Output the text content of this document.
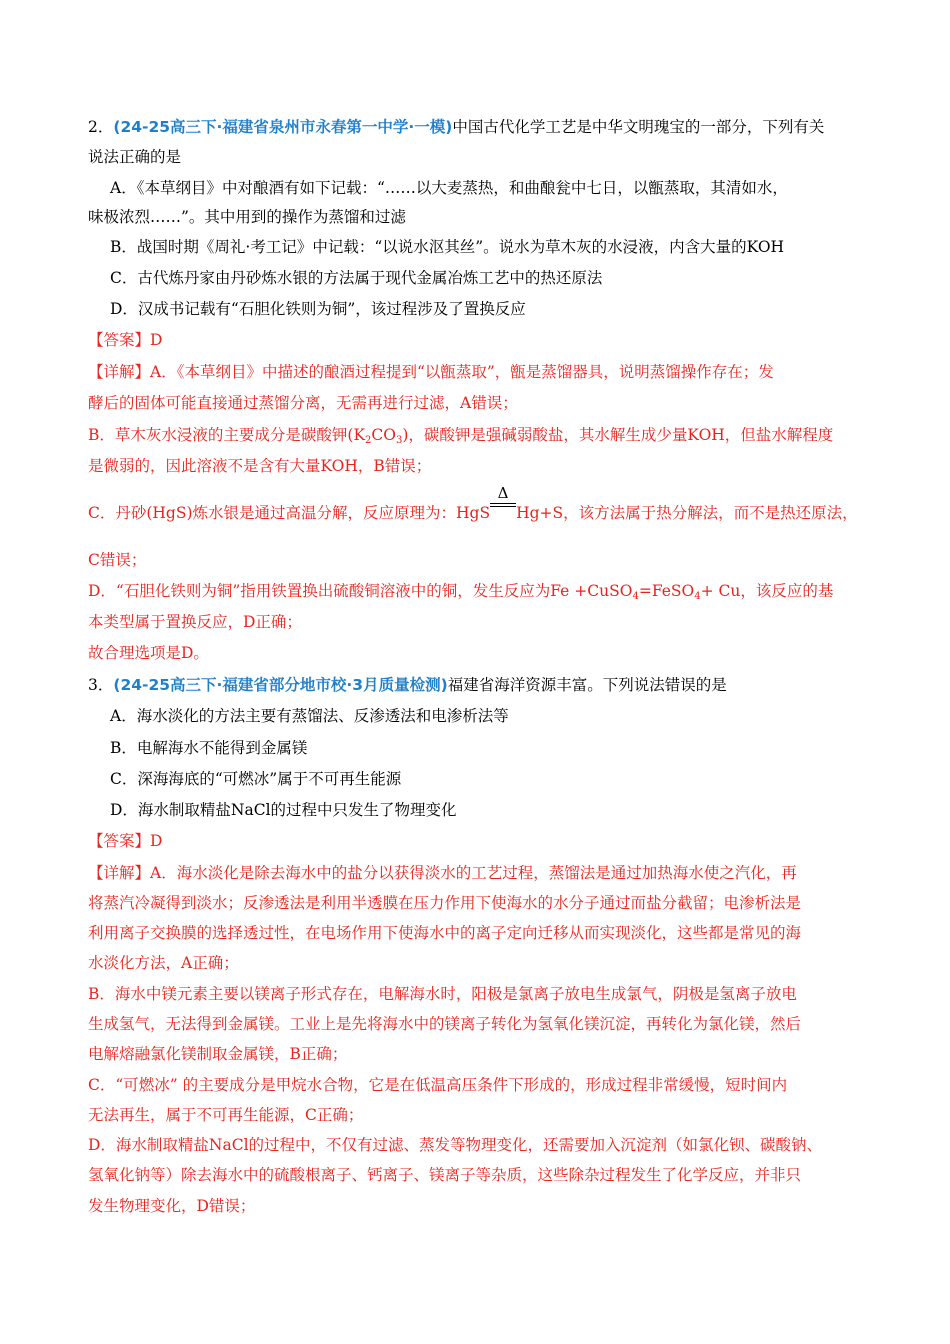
2．(24-25高三下·福建省泉州市永春第一中学·一模)中国古代化学工艺是中华文明瑰宝的一部分，下列有关
说法正确的是
A．《本草纲目》中对酿酒有如下记载：“……以大麦蒸热，和曲酿瓮中七日，以甑蒸取，其清如水，
味极浓烈……”。其中用到的操作为蒸馏和过滤
B．战国时期《周礼·考工记》中记载：“以说水沤其丝”。说水为草木灰的水浸液，内含大量的KOH
C．古代炼丹家由丹砂炼水银的方法属于现代金属冶炼工艺中的热还原法
D．汉成书记载有“石胆化铁则为铜”，该过程涉及了置换反应
【答案】D
【详解】A．《本草纲目》中描述的酿酒过程提到“以甑蒸取”，甑是蒸馏器具，说明蒸馏操作存在；发
酵后的固体可能直接通过蒸馏分离，无需再进行过滤，A错误；
B．草木灰水浸液的主要成分是碳酸钾$(K_2CO_3)$，碳酸钾是强碱弱酸盐，其水解生成少量KOH，但盐水解程度
是微弱的，因此溶液不是含有大量KOH，B错误；
C．丹砂(HgS)炼水银是通过高温分解，反应原理为：HgS
Δ
Hg+S，该方法属于热分解法，而不是热还原法，
C错误；
D．“石胆化铁则为铜”指用铁置换出硫酸铜溶液中的铜，发生反应为Fe +CuSO$_4$=FeSO$_4$+ Cu，该反应的基
本类型属于置换反应，D正确；
故合理选项是D。
3．(24-25高三下·福建省部分地市校·3月质量检测)福建省海洋资源丰富。下列说法错误的是
A．海水淡化的方法主要有蒸馏法、反渗透法和电渗析法等
B．电解海水不能得到金属镁
C．深海海底的“可燃冰”属于不可再生能源
D．海水制取精盐NaCl的过程中只发生了物理变化
【答案】D
【详解】A．海水淡化是除去海水中的盐分以获得淡水的工艺过程，蒸馏法是通过加热海水使之汽化，再
将蒸汽冷凝得到淡水；反渗透法是利用半透膜在压力作用下使海水的水分子通过而盐分截留；电渗析法是
利用离子交换膜的选择透过性，在电场作用下使海水中的离子定向迁移从而实现淡化，这些都是常见的海
水淡化方法，A正确；
B．海水中镁元素主要以镁离子形式存在，电解海水时，阳极是氯离子放电生成氯气，阴极是氢离子放电
生成氢气，无法得到金属镁。工业上是先将海水中的镁离子转化为氢氧化镁沉淀，再转化为氯化镁，然后
电解熔融氯化镁制取金属镁，B正确；
C．“可燃冰” 的主要成分是甲烷水合物，它是在低温高压条件下形成的，形成过程非常缓慢，短时间内
无法再生，属于不可再生能源，C正确；
D．海水制取精盐NaCl的过程中，不仅有过滤、蒸发等物理变化，还需要加入沉淀剂（如氯化钡、碳酸钠、
氢氧化钠等）除去海水中的硫酸根离子、钙离子、镁离子等杂质，这些除杂过程发生了化学反应，并非只
发生物理变化，D错误；
